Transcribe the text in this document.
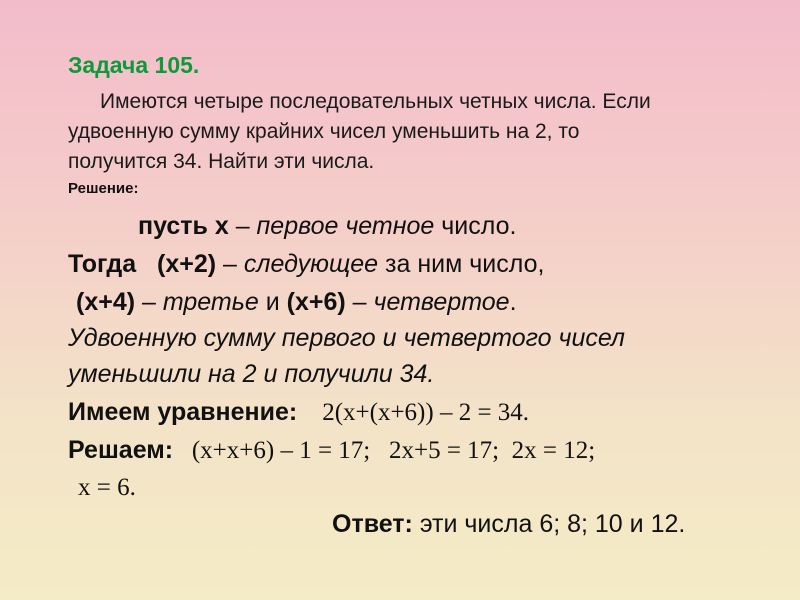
Задача 105.
Имеются четыре последовательных четных числа. Если
удвоенную сумму крайних чисел уменьшить на 2, то
получится 34. Найти эти числа.
Решение:
пусть x – первое четное число.
Тогда   (x+2) – следующее за ним число,
(x+4) – третье и (x+6) – четвертое.
Удвоенную сумму первого и четвертого чисел
уменьшили на 2 и получили 34.
Имеем уравнение:    2(x+(x+6)) – 2 = 34.
Решаем:   (x+x+6) – 1 = 17;   2x+5 = 17;  2x = 12;
x = 6.
Ответ: эти числа 6; 8; 10 и 12.
